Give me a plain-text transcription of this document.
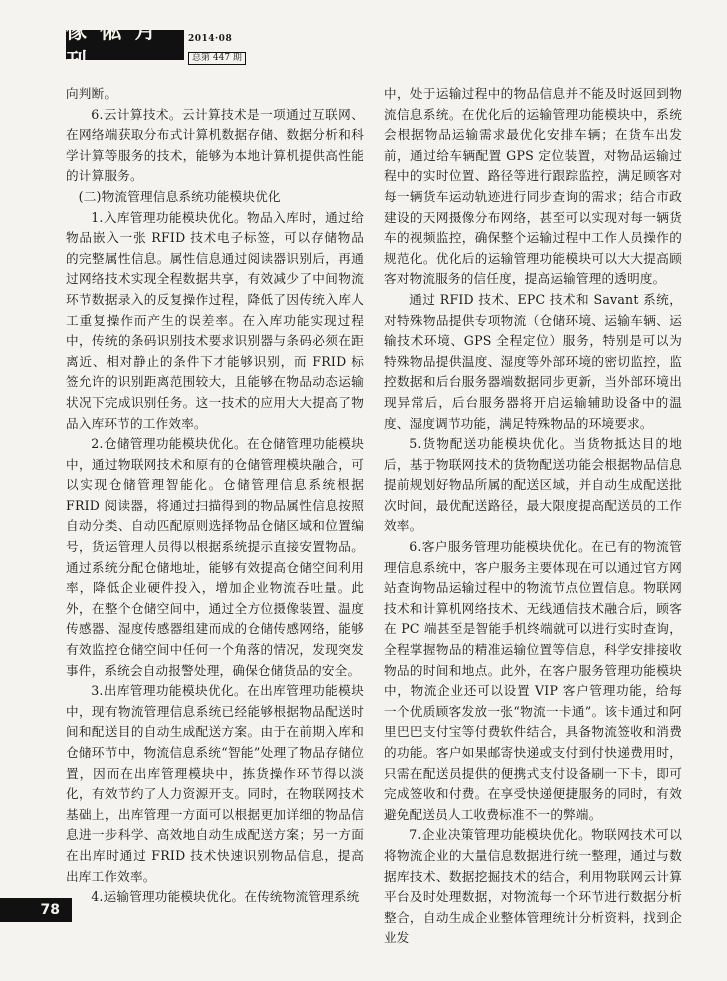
傢 俬 月 刊
2014·08
总第 447 期

向判断。

6.云计算技术。云计算技术是一项通过互联网、在网络端获取分布式计算机数据存储、数据分析和科学计算等服务的技术，能够为本地计算机提供高性能的计算服务。

(二)物流管理信息系统功能模块优化

1.入库管理功能模块优化。物品入库时，通过给物品嵌入一张 RFID 技术电子标签，可以存储物品的完整属性信息。属性信息通过阅读器识别后，再通过网络技术实现全程数据共享，有效减少了中间物流环节数据录入的反复操作过程，降低了因传统入库人工重复操作而产生的误差率。在入库功能实现过程中，传统的条码识别技术要求识别器与条码必须在距离近、相对静止的条件下才能够识别，而 FRID 标签允许的识别距离范围较大，且能够在物品动态运输状况下完成识别任务。这一技术的应用大大提高了物品入库环节的工作效率。

2.仓储管理功能模块优化。在仓储管理功能模块中，通过物联网技术和原有的仓储管理模块融合，可以实现仓储管理智能化。仓储管理信息系统根据 FRID 阅读器，将通过扫描得到的物品属性信息按照自动分类、自动匹配原则选择物品仓储区域和位置编号，货运管理人员得以根据系统提示直接安置物品。通过系统分配仓储地址，能够有效提高仓储空间利用率，降低企业硬件投入，增加企业物流吞吐量。此外，在整个仓储空间中，通过全方位摄像装置、温度传感器、湿度传感器组建而成的仓储传感网络，能够有效监控仓储空间中任何一个角落的情况，发现突发事件，系统会自动报警处理，确保仓储货品的安全。

3.出库管理功能模块优化。在出库管理功能模块中，现有物流管理信息系统已经能够根据物品配送时间和配送目的自动生成配送方案。由于在前期入库和仓储环节中，物流信息系统“智能”处理了物品存储位置，因而在出库管理模块中，拣货操作环节得以淡化，有效节约了人力资源开支。同时，在物联网技术基础上，出库管理一方面可以根据更加详细的物品信息进一步科学、高效地自动生成配送方案；另一方面在出库时通过 FRID 技术快速识别物品信息，提高出库工作效率。

4.运输管理功能模块优化。在传统物流管理系统

中，处于运输过程中的物品信息并不能及时返回到物流信息系统。在优化后的运输管理功能模块中，系统会根据物品运输需求最优化安排车辆；在货车出发前，通过给车辆配置 GPS 定位装置，对物品运输过程中的实时位置、路径等进行跟踪监控，满足顾客对每一辆货车运动轨迹进行同步查询的需求；结合市政建设的天网摄像分布网络，甚至可以实现对每一辆货车的视频监控，确保整个运输过程中工作人员操作的规范化。优化后的运输管理功能模块可以大大提高顾客对物流服务的信任度，提高运输管理的透明度。

通过 RFID 技术、EPC 技术和 Savant 系统，对特殊物品提供专项物流（仓储环境、运输车辆、运输技术环境、GPS 全程定位）服务，特别是可以为特殊物品提供温度、湿度等外部环境的密切监控，监控数据和后台服务器端数据同步更新，当外部环境出现异常后，后台服务器将开启运输辅助设备中的温度、湿度调节功能，满足特殊物品的环境要求。

5.货物配送功能模块优化。当货物抵达目的地后，基于物联网技术的货物配送功能会根据物品信息提前规划好物品所属的配送区域，并自动生成配送批次时间，最优配送路径，最大限度提高配送员的工作效率。

6.客户服务管理功能模块优化。在已有的物流管理信息系统中，客户服务主要体现在可以通过官方网站查询物品运输过程中的物流节点位置信息。物联网技术和计算机网络技术、无线通信技术融合后，顾客在 PC 端甚至是智能手机终端就可以进行实时查询，全程掌握物品的精准运输位置等信息，科学安排接收物品的时间和地点。此外，在客户服务管理功能模块中，物流企业还可以设置 VIP 客户管理功能，给每一个优质顾客发放一张“物流一卡通”。该卡通过和阿里巴巴支付宝等付费软件结合，具备物流签收和消费的功能。客户如果邮寄快递或支付到付快递费用时，只需在配送员提供的便携式支付设备刷一下卡，即可完成签收和付费。在享受快递便捷服务的同时，有效避免配送员人工收费标准不一的弊端。

7.企业决策管理功能模块优化。物联网技术可以将物流企业的大量信息数据进行统一整理，通过与数据库技术、数据挖掘技术的结合，利用物联网云计算平台及时处理数据，对物流每一个环节进行数据分析整合，自动生成企业整体管理统计分析资料，找到企业发

78
